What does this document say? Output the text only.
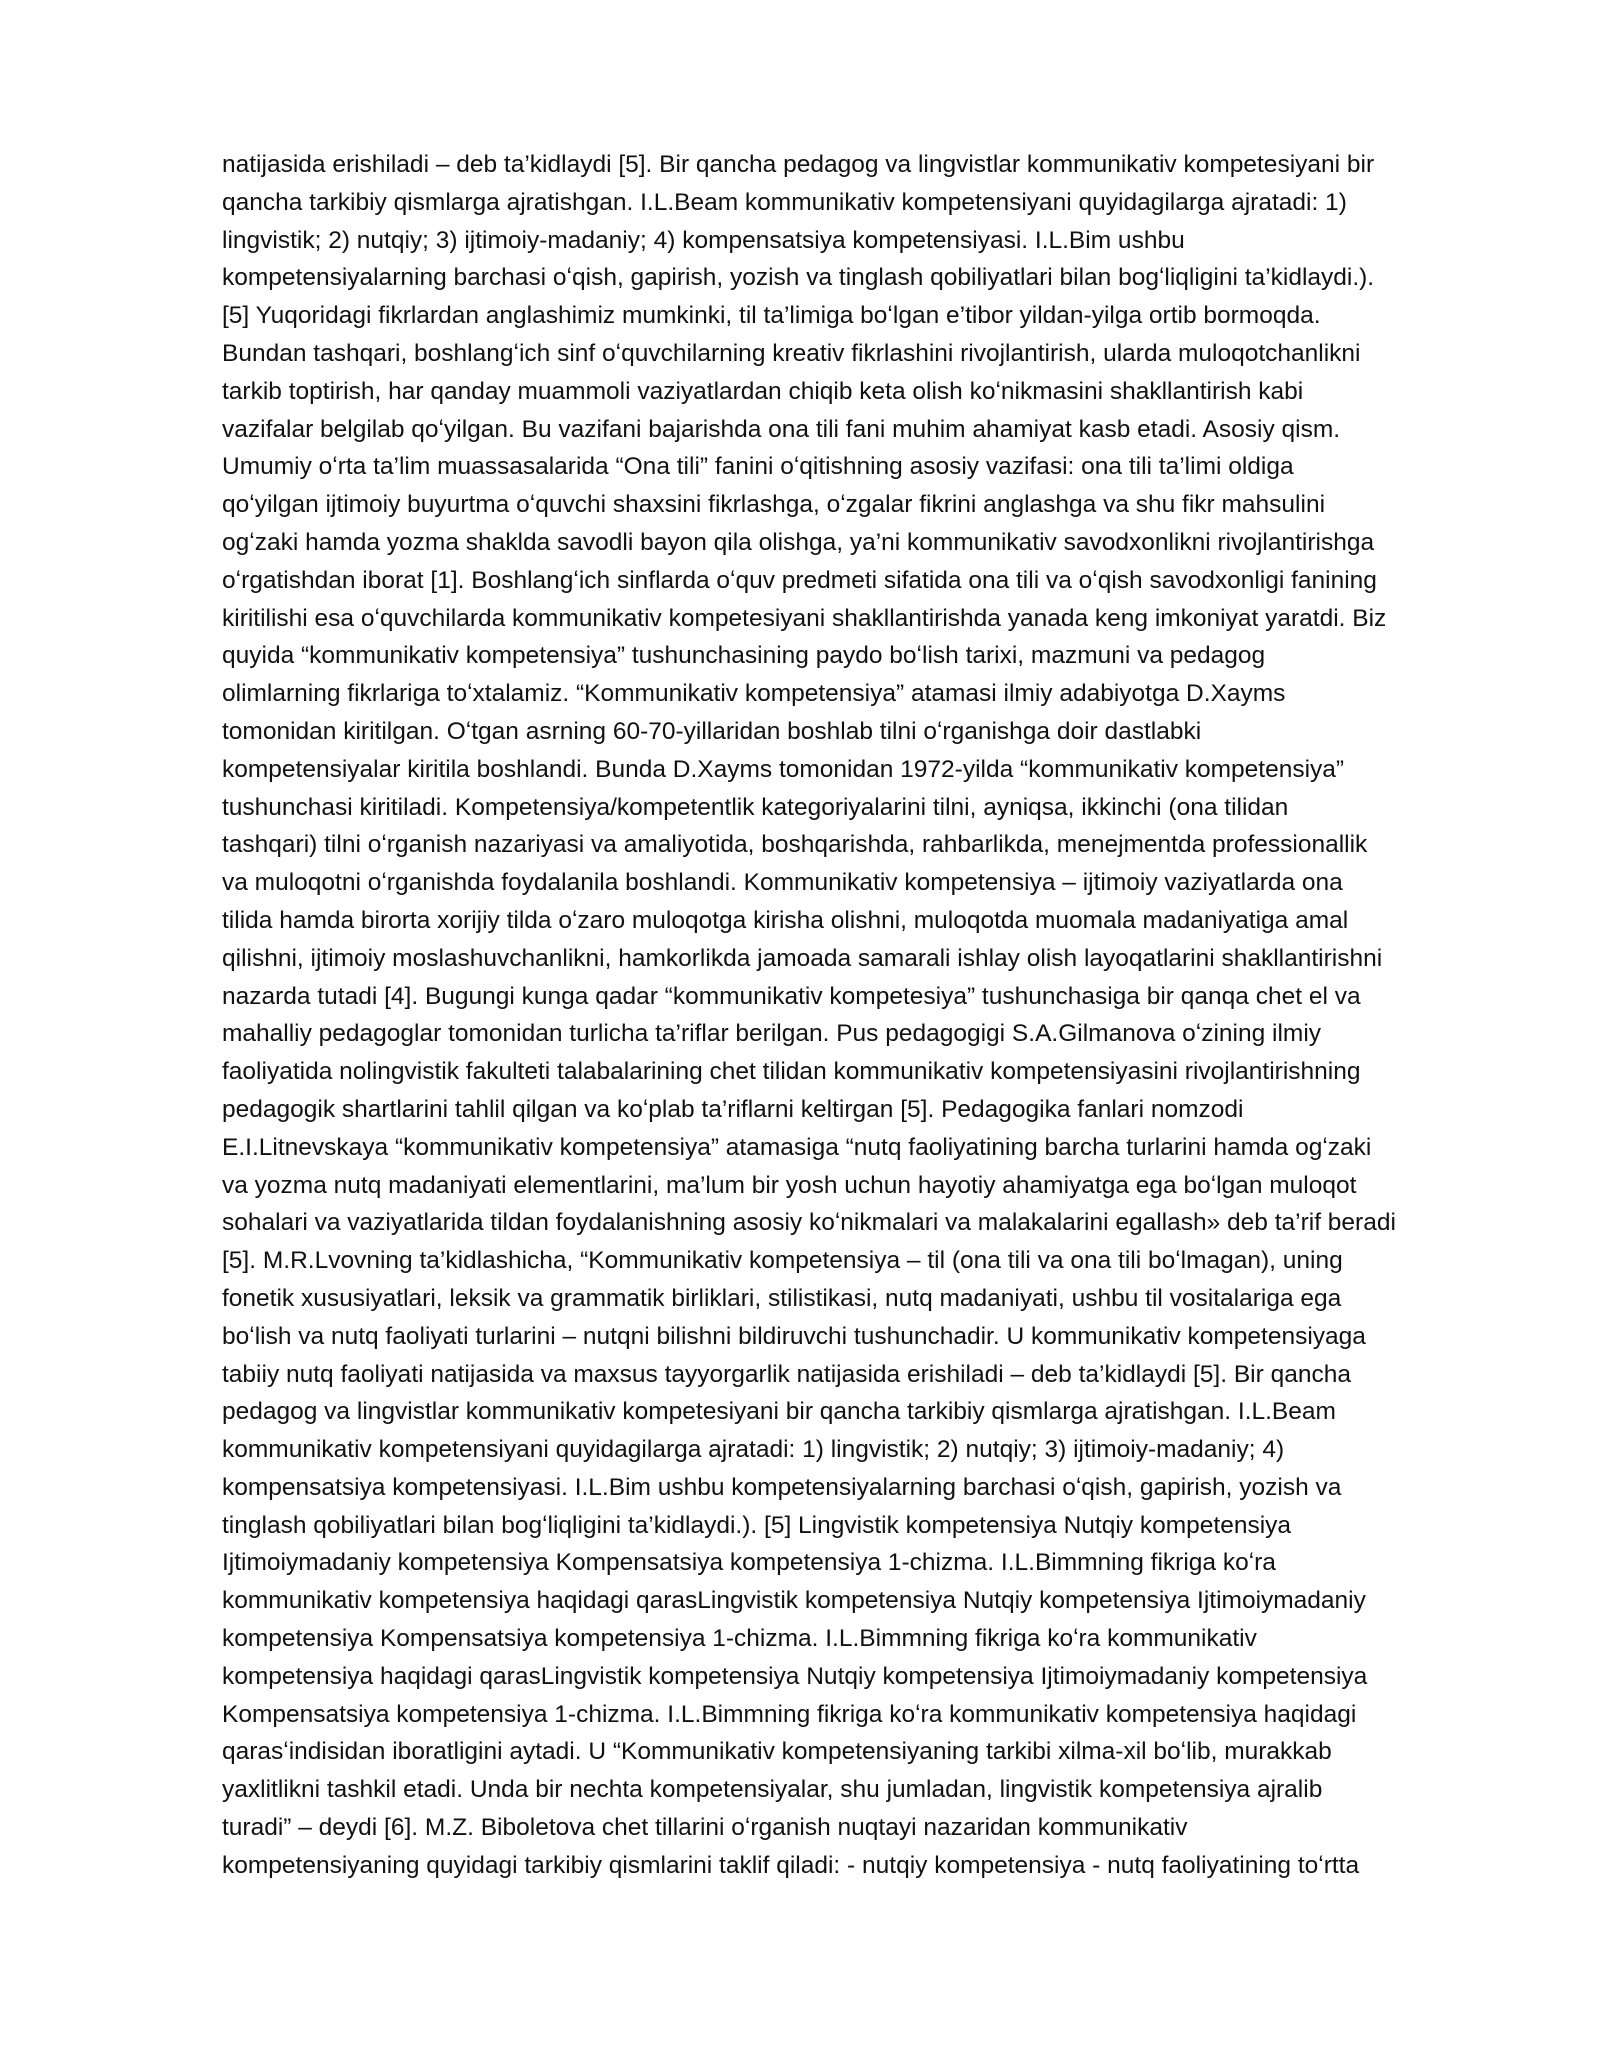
natijasida erishiladi – deb ta’kidlaydi [5]. Bir qancha pedagog va lingvistlar kommunikativ kompetesiyani bir
qancha tarkibiy qismlarga ajratishgan. I.L.Beam kommunikativ kompetensiyani quyidagilarga ajratadi: 1)
lingvistik; 2) nutqiy; 3) ijtimoiy-madaniy; 4) kompensatsiya kompetensiyasi. I.L.Bim ushbu
kompetensiyalarning barchasi oʻqish, gapirish, yozish va tinglash qobiliyatlari bilan bogʻliqligini ta’kidlaydi.).
[5] Yuqoridagi fikrlardan anglashimiz mumkinki, til ta’limiga boʻlgan e’tibor yildan-yilga ortib bormoqda.
Bundan tashqari, boshlangʻich sinf oʻquvchilarning kreativ fikrlashini rivojlantirish, ularda muloqotchanlikni
tarkib toptirish, har qanday muammoli vaziyatlardan chiqib keta olish koʻnikmasini shakllantirish kabi
vazifalar belgilab qoʻyilgan. Bu vazifani bajarishda ona tili fani muhim ahamiyat kasb etadi. Asosiy qism.
Umumiy oʻrta ta’lim muassasalarida “Ona tili” fanini oʻqitishning asosiy vazifasi: ona tili ta’limi oldiga
qoʻyilgan ijtimoiy buyurtma oʻquvchi shaxsini fikrlashga, oʻzgalar fikrini anglashga va shu fikr mahsulini
ogʻzaki hamda yozma shaklda savodli bayon qila olishga, ya’ni kommunikativ savodxonlikni rivojlantirishga
oʻrgatishdan iborat [1]. Boshlangʻich sinflarda oʻquv predmeti sifatida ona tili va oʻqish savodxonligi fanining
kiritilishi esa oʻquvchilarda kommunikativ kompetesiyani shakllantirishda yanada keng imkoniyat yaratdi. Biz
quyida “kommunikativ kompetensiya” tushunchasining paydo boʻlish tarixi, mazmuni va pedagog
olimlarning fikrlariga toʻxtalamiz. “Kommunikativ kompetensiya” atamasi ilmiy adabiyotga D.Xayms
tomonidan kiritilgan. Oʻtgan asrning 60-70-yillaridan boshlab tilni oʻrganishga doir dastlabki
kompetensiyalar kiritila boshlandi. Bunda D.Xayms tomonidan 1972-yilda “kommunikativ kompetensiya”
tushunchasi kiritiladi. Kompetensiya/kompetentlik kategoriyalarini tilni, ayniqsa, ikkinchi (ona tilidan
tashqari) tilni oʻrganish nazariyasi va amaliyotida, boshqarishda, rahbarlikda, menejmentda professionallik
va muloqotni oʻrganishda foydalanila boshlandi. Kommunikativ kompetensiya – ijtimoiy vaziyatlarda ona
tilida hamda birorta xorijiy tilda oʻzaro muloqotga kirisha olishni, muloqotda muomala madaniyatiga amal
qilishni, ijtimoiy moslashuvchanlikni, hamkorlikda jamoada samarali ishlay olish layoqatlarini shakllantirishni
nazarda tutadi [4]. Bugungi kunga qadar “kommunikativ kompetesiya” tushunchasiga bir qanqa chet el va
mahalliy pedagoglar tomonidan turlicha ta’riflar berilgan. Pus pedagogigi S.A.Gilmanova oʻzining ilmiy
faoliyatida nolingvistik fakulteti talabalarining chet tilidan kommunikativ kompetensiyasini rivojlantirishning
pedagogik shartlarini tahlil qilgan va koʻplab ta’riflarni keltirgan [5]. Pedagogika fanlari nomzodi
E.I.Litnevskaya “kommunikativ kompetensiya” atamasiga “nutq faoliyatining barcha turlarini hamda ogʻzaki
va yozma nutq madaniyati elementlarini, ma’lum bir yosh uchun hayotiy ahamiyatga ega boʻlgan muloqot
sohalari va vaziyatlarida tildan foydalanishning asosiy koʻnikmalari va malakalarini egallash» deb ta’rif beradi
[5]. M.R.Lvovning ta’kidlashicha, “Kommunikativ kompetensiya – til (ona tili va ona tili boʻlmagan), uning
fonetik xususiyatlari, leksik va grammatik birliklari, stilistikasi, nutq madaniyati, ushbu til vositalariga ega
boʻlish va nutq faoliyati turlarini – nutqni bilishni bildiruvchi tushunchadir. U kommunikativ kompetensiyaga
tabiiy nutq faoliyati natijasida va maxsus tayyorgarlik natijasida erishiladi – deb ta’kidlaydi [5]. Bir qancha
pedagog va lingvistlar kommunikativ kompetesiyani bir qancha tarkibiy qismlarga ajratishgan. I.L.Beam
kommunikativ kompetensiyani quyidagilarga ajratadi: 1) lingvistik; 2) nutqiy; 3) ijtimoiy-madaniy; 4)
kompensatsiya kompetensiyasi. I.L.Bim ushbu kompetensiyalarning barchasi oʻqish, gapirish, yozish va
tinglash qobiliyatlari bilan bogʻliqligini ta’kidlaydi.). [5] Lingvistik kompetensiya Nutqiy kompetensiya
Ijtimoiymadaniy kompetensiya Kompensatsiya kompetensiya 1-chizma. I.L.Bimmning fikriga koʻra
kommunikativ kompetensiya haqidagi qarasLingvistik kompetensiya Nutqiy kompetensiya Ijtimoiymadaniy
kompetensiya Kompensatsiya kompetensiya 1-chizma. I.L.Bimmning fikriga koʻra kommunikativ
kompetensiya haqidagi qarasLingvistik kompetensiya Nutqiy kompetensiya Ijtimoiymadaniy kompetensiya
Kompensatsiya kompetensiya 1-chizma. I.L.Bimmning fikriga koʻra kommunikativ kompetensiya haqidagi
qarasʻindisidan iboratligini aytadi. U “Kommunikativ kompetensiyaning tarkibi xilma-xil boʻlib, murakkab
yaxlitlikni tashkil etadi. Unda bir nechta kompetensiyalar, shu jumladan, lingvistik kompetensiya ajralib
turadi” – deydi [6]. M.Z. Biboletova chet tillarini oʻrganish nuqtayi nazaridan kommunikativ
kompetensiyaning quyidagi tarkibiy qismlarini taklif qiladi: - nutqiy kompetensiya - nutq faoliyatining toʻrtta
